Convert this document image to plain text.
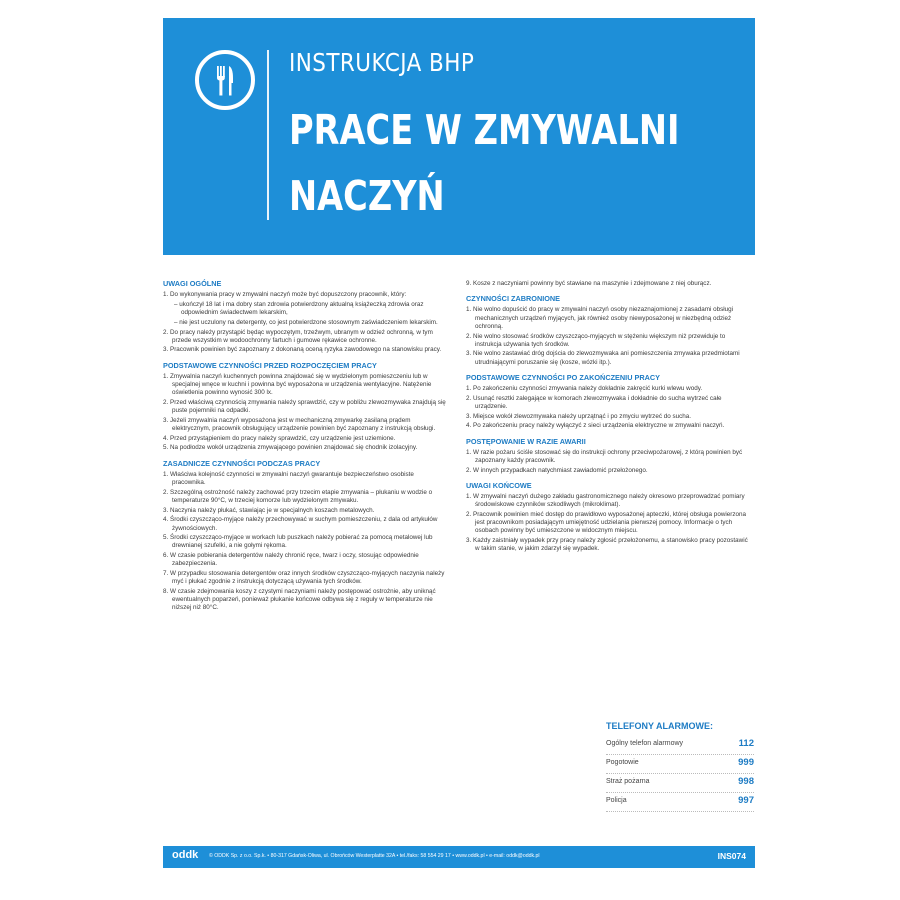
INSTRUKCJA BHP
PRACE W ZMYWALNI
NACZYŃ
UWAGI OGÓLNE
1. Do wykonywania pracy w zmywalni naczyń może być dopuszczony pracownik, który:
– ukończył 18 lat i ma dobry stan zdrowia potwierdzony aktualną książeczką zdrowia oraz odpowiednim świadectwem lekarskim,
– nie jest uczulony na detergenty, co jest potwierdzone stosownym zaświadczeniem lekarskim.
2. Do pracy należy przystąpić będąc wypoczętym, trzeźwym, ubranym w odzież ochronną, w tym przede wszystkim w wodoochronny fartuch i gumowe rękawice ochronne.
3. Pracownik powinien być zapoznany z dokonaną oceną ryzyka zawodowego na stanowisku pracy.
PODSTAWOWE CZYNNOŚCI PRZED ROZPOCZĘCIEM PRACY
1. Zmywalnia naczyń kuchennych powinna znajdować się w wydzielonym pomieszczeniu lub w specjalnej wnęce w kuchni i powinna być wyposażona w urządzenia wentylacyjne. Natężenie oświetlenia powinno wynosić 300 lx.
2. Przed właściwą czynnością zmywania należy sprawdzić, czy w pobliżu zlewozmywaka znajdują się puste pojemniki na odpadki.
3. Jeżeli zmywalnia naczyń wyposażona jest w mechaniczną zmywarkę zasilaną prądem elektrycznym, pracownik obsługujący urządzenie powinien być zapoznany z instrukcją obsługi.
4. Przed przystąpieniem do pracy należy sprawdzić, czy urządzenie jest uziemione.
5. Na podłodze wokół urządzenia zmywającego powinien znajdować się chodnik izolacyjny.
ZASADNICZE CZYNNOŚCI PODCZAS PRACY
1. Właściwa kolejność czynności w zmywalni naczyń gwarantuje bezpieczeństwo osobiste pracownika.
2. Szczególną ostrożność należy zachować przy trzecim etapie zmywania – płukaniu w wodzie o temperaturze 90°C, w trzeciej komorze lub wydzielonym zmywaku.
3. Naczynia należy płukać, stawiając je w specjalnych koszach metalowych.
4. Środki czyszcząco-myjące należy przechowywać w suchym pomieszczeniu, z dala od artykułów żywnościowych.
5. Środki czyszcząco-myjące w workach lub puszkach należy pobierać za pomocą metalowej lub drewnianej szufelki, a nie gołymi rękoma.
6. W czasie pobierania detergentów należy chronić ręce, twarz i oczy, stosując odpowiednie zabezpieczenia.
7. W przypadku stosowania detergentów oraz innych środków czyszcząco-myjących naczynia należy myć i płukać zgodnie z instrukcją dotyczącą używania tych środków.
8. W czasie zdejmowania koszy z czystymi naczyniami należy postępować ostrożnie, aby uniknąć ewentualnych poparzeń, ponieważ płukanie końcowe odbywa się z reguły w temperaturze nie niższej niż 80°C.
9. Kosze z naczyniami powinny być stawiane na maszynie i zdejmowane z niej oburącz.
CZYNNOŚCI ZABRONIONE
1. Nie wolno dopuścić do pracy w zmywalni naczyń osoby niezaznajomionej z zasadami obsługi mechanicznych urządzeń myjących, jak również osoby niewyposażonej w niezbędną odzież ochronną.
2. Nie wolno stosować środków czyszcząco-myjących w stężeniu większym niż przewiduje to instrukcja używania tych środków.
3. Nie wolno zastawiać dróg dojścia do zlewozmywaka ani pomieszczenia zmywaka przedmiotami utrudniającymi poruszanie się (kosze, wózki itp.).
PODSTAWOWE CZYNNOŚCI PO ZAKOŃCZENIU PRACY
1. Po zakończeniu czynności zmywania należy dokładnie zakręcić kurki wlewu wody.
2. Usunąć resztki zalegające w komorach zlewozmywaka i dokładnie do sucha wytrzeć całe urządzenie.
3. Miejsce wokół zlewozmywaka należy uprzątnąć i po zmyciu wytrzeć do sucha.
4. Po zakończeniu pracy należy wyłączyć z sieci urządzenia elektryczne w zmywalni naczyń.
POSTĘPOWANIE W RAZIE AWARII
1. W razie pożaru ściśle stosować się do instrukcji ochrony przeciwpożarowej, z którą powinien być zapoznany każdy pracownik.
2. W innych przypadkach natychmiast zawiadomić przełożonego.
UWAGI KOŃCOWE
1. W zmywalni naczyń dużego zakładu gastronomicznego należy okresowo przeprowadzać pomiary środowiskowe czynników szkodliwych (mikroklimat).
2. Pracownik powinien mieć dostęp do prawidłowo wyposażonej apteczki, której obsługa powierzona jest pracownikom posiadającym umiejętność udzielania pierwszej pomocy. Informacje o tych osobach powinny być umieszczone w widocznym miejscu.
3. Każdy zaistniały wypadek przy pracy należy zgłosić przełożonemu, a stanowisko pracy pozostawić w takim stanie, w jakim zdarzył się wypadek.
TELEFONY ALARMOWE:
Ogólny telefon alarmowy	112
Pogotowie	999
Straż pożarna	998
Policja	997
oddk © ODDK Sp. z o.o. Sp.k. • 80-317 Gdańsk-Oliwa, ul. Obrońców Westerplatte 32A • tel./faks: 58 554 29 17 • www.oddk.pl • e-mail: oddk@oddk.pl	INS074
